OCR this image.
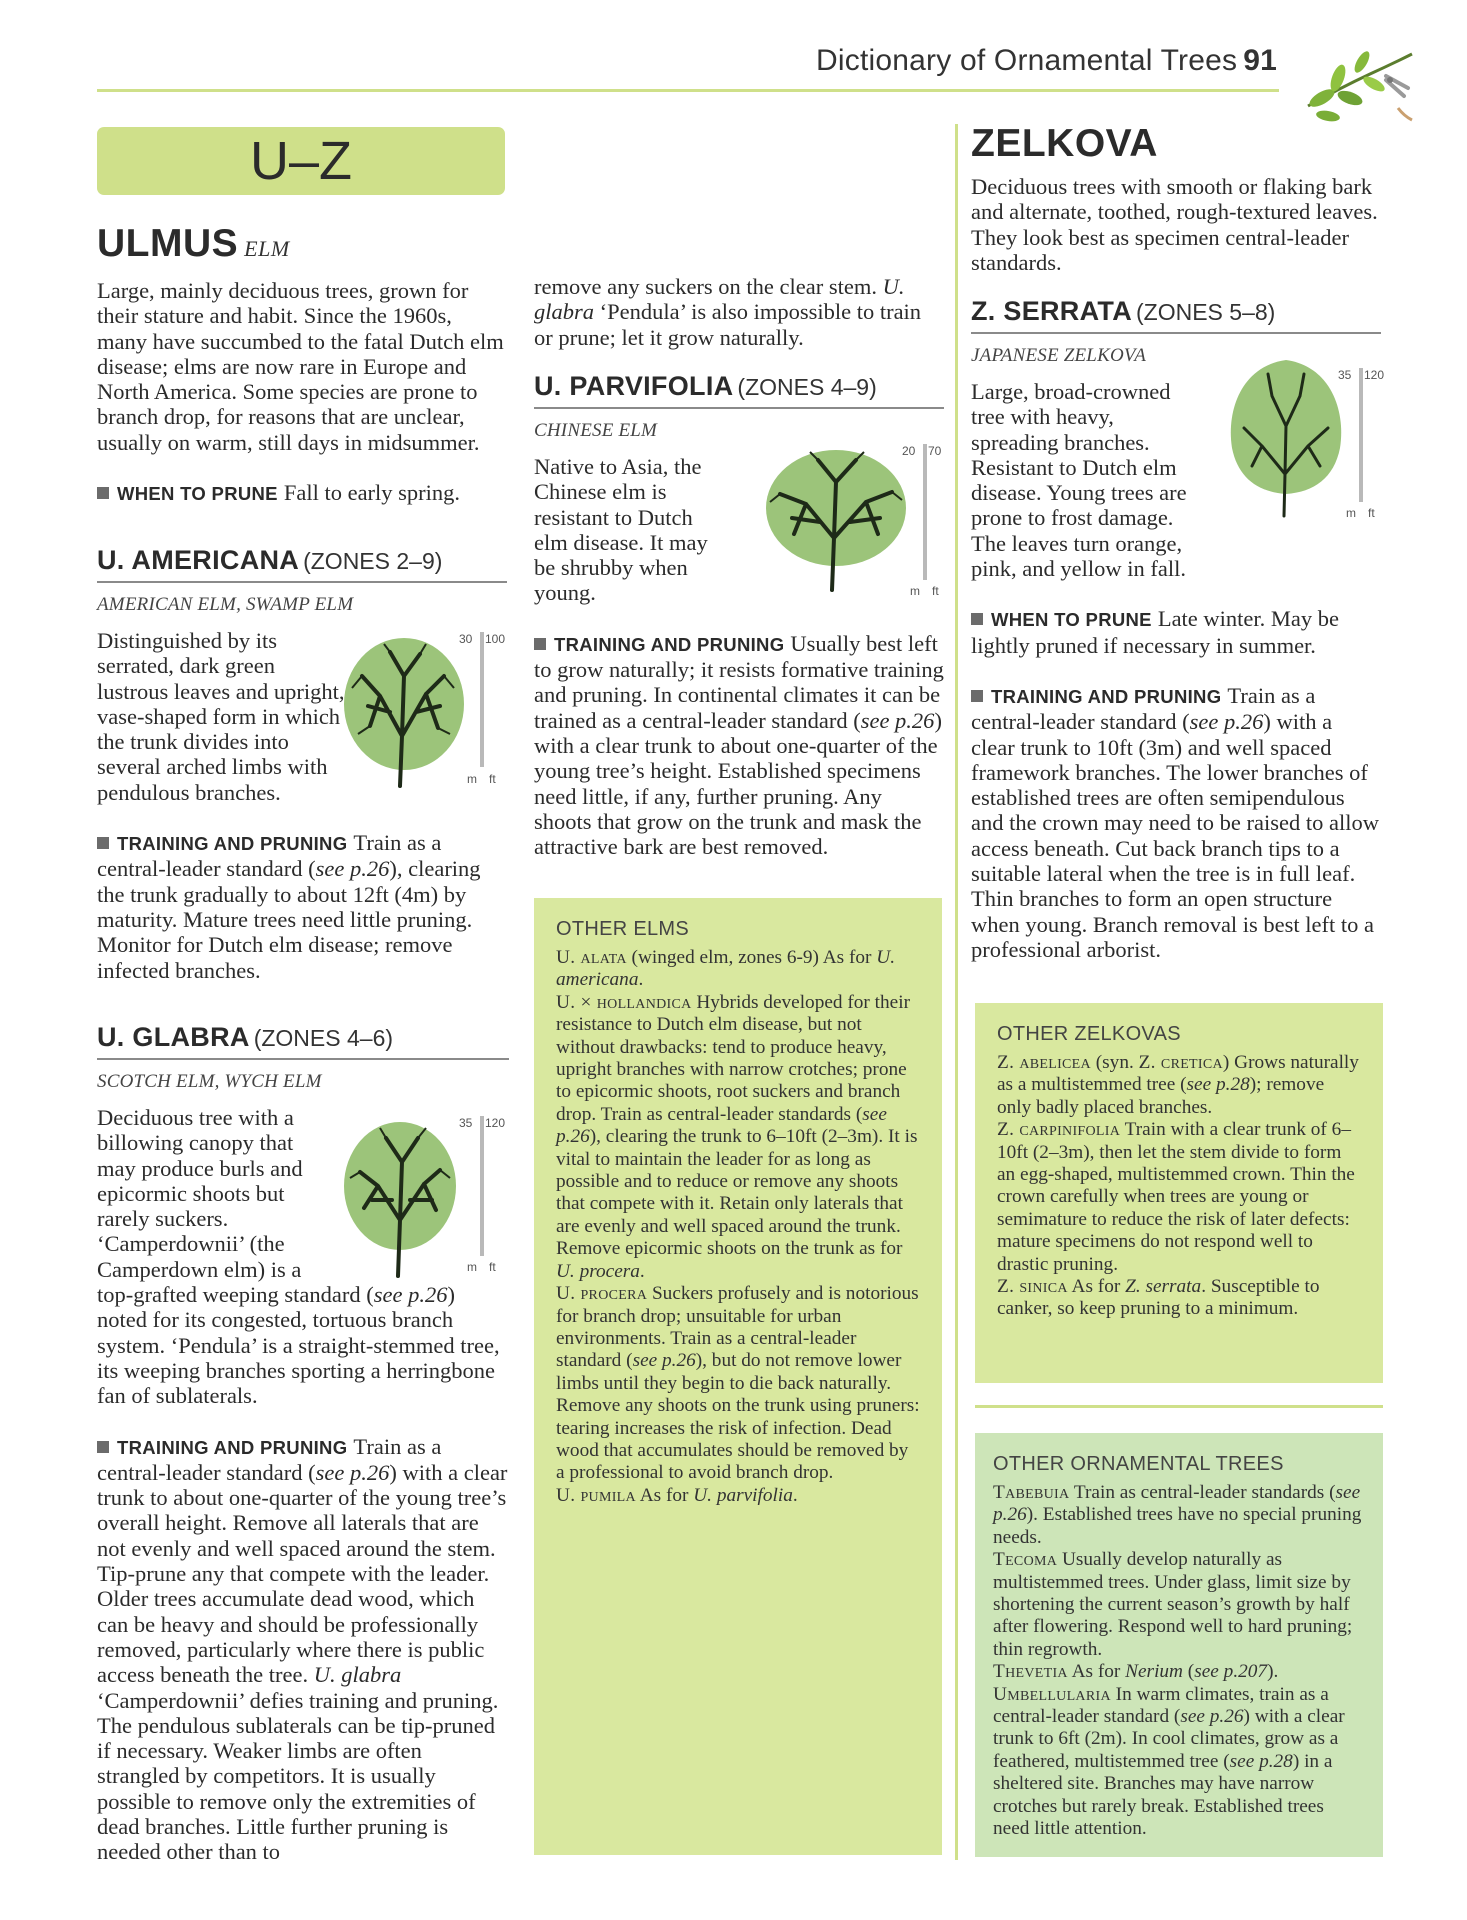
Dictionary of Ornamental Trees 91
U–Z
ULMUS ELM

Large, mainly deciduous trees, grown for their stature and habit. Since the 1960s, many have succumbed to the fatal Dutch elm disease; elms are now rare in Europe and North America. Some species are prone to branch drop, for reasons that are unclear, usually on warm, still days in midsummer.

WHEN TO PRUNE Fall to early spring.

U. AMERICANA (ZONES 2–9)
AMERICAN ELM, SWAMP ELM

Distinguished by its serrated, dark green lustrous leaves and upright, vase-shaped form in which the trunk divides into several arched limbs with pendulous branches.

TRAINING AND PRUNING Train as a central-leader standard (see p.26), clearing the trunk gradually to about 12ft (4m) by maturity. Mature trees need little pruning. Monitor for Dutch elm disease; remove infected branches.

30 100
m ft
U. GLABRA (ZONES 4–6)
SCOTCH ELM, WYCH ELM

Deciduous tree with a billowing canopy that may produce burls and epicormic shoots but rarely suckers. ‘Camperdownii’ (the Camperdown elm) is a top-grafted weeping standard (see p.26) noted for its congested, tortuous branch system. ‘Pendula’ is a straight-stemmed tree, its weeping branches sporting a herringbone fan of sublaterals.

TRAINING AND PRUNING Train as a central-leader standard (see p.26) with a clear trunk to about one-quarter of the young tree’s overall height. Remove all laterals that are not evenly and well spaced around the stem. Tip-prune any that compete with the leader. Older trees accumulate dead wood, which can be heavy and should be professionally removed, particularly where there is public access beneath the tree. U. glabra ‘Camperdownii’ defies training and pruning. The pendulous sublaterals can be tip-pruned if necessary. Weaker limbs are often strangled by competitors. It is usually possible to remove only the extremities of dead branches. Little further pruning is needed other than to

35 120
m ft

remove any suckers on the clear stem. U. glabra ‘Pendula’ is also impossible to train or prune; let it grow naturally.

U. PARVIFOLIA (ZONES 4–9)
CHINESE ELM

Native to Asia, the Chinese elm is resistant to Dutch elm disease. It may be shrubby when young.

TRAINING AND PRUNING Usually best left to grow naturally; it resists formative training and pruning. In continental climates it can be trained as a central-leader standard (see p.26) with a clear trunk to about one-quarter of the young tree’s height. Established specimens need little, if any, further pruning. Any shoots that grow on the trunk and mask the attractive bark are best removed.

20 70
m ft
OTHER ELMS

U. alata (winged elm, zones 6-9) As for U. americana.

U. × hollandica Hybrids developed for their resistance to Dutch elm disease, but not without drawbacks: tend to produce heavy, upright branches with narrow crotches; prone to epicormic shoots, root suckers and branch drop. Train as central-leader standards (see p.26), clearing the trunk to 6–10ft (2–3m). It is vital to maintain the leader for as long as possible and to reduce or remove any shoots that compete with it. Retain only laterals that are evenly and well spaced around the trunk. Remove epicormic shoots on the trunk as for U. procera.

U. procera Suckers profusely and is notorious for branch drop; unsuitable for urban environments. Train as a central-leader standard (see p.26), but do not remove lower limbs until they begin to die back naturally. Remove any shoots on the trunk using pruners: tearing increases the risk of infection. Dead wood that accumulates should be removed by a professional to avoid branch drop.

U. pumila As for U. parvifolia.

ZELKOVA

Deciduous trees with smooth or flaking bark and alternate, toothed, rough-textured leaves. They look best as specimen central-leader standards.

Z. SERRATA (ZONES 5–8)
JAPANESE ZELKOVA

Large, broad-crowned tree with heavy, spreading branches. Resistant to Dutch elm disease. Young trees are prone to frost damage. The leaves turn orange, pink, and yellow in fall.

WHEN TO PRUNE Late winter. May be lightly pruned if necessary in summer.

TRAINING AND PRUNING Train as a central-leader standard (see p.26) with a clear trunk to 10ft (3m) and well spaced framework branches. The lower branches of established trees are often semipendulous and the crown may need to be raised to allow access beneath. Cut back branch tips to a suitable lateral when the tree is in full leaf. Thin branches to form an open structure when young. Branch removal is best left to a professional arborist.

35 120
m ft
OTHER ZELKOVAS

Z. abelicea (syn. Z. cretica) Grows naturally as a multistemmed tree (see p.28); remove only badly placed branches.

Z. carpinifolia Train with a clear trunk of 6–10ft (2–3m), then let the stem divide to form an egg-shaped, multistemmed crown. Thin the crown carefully when trees are young or semimature to reduce the risk of later defects: mature specimens do not respond well to drastic pruning.

Z. sinica As for Z. serrata. Susceptible to canker, so keep pruning to a minimum.

OTHER ORNAMENTAL TREES

Tabebuia Train as central-leader standards (see p.26). Established trees have no special pruning needs.

Tecoma Usually develop naturally as multistemmed trees. Under glass, limit size by shortening the current season’s growth by half after flowering. Respond well to hard pruning; thin regrowth.

Thevetia As for Nerium (see p.207).

Umbellularia In warm climates, train as a central-leader standard (see p.26) with a clear trunk to 6ft (2m). In cool climates, grow as a feathered, multistemmed tree (see p.28) in a sheltered site. Branches may have narrow crotches but rarely break. Established trees need little attention.
